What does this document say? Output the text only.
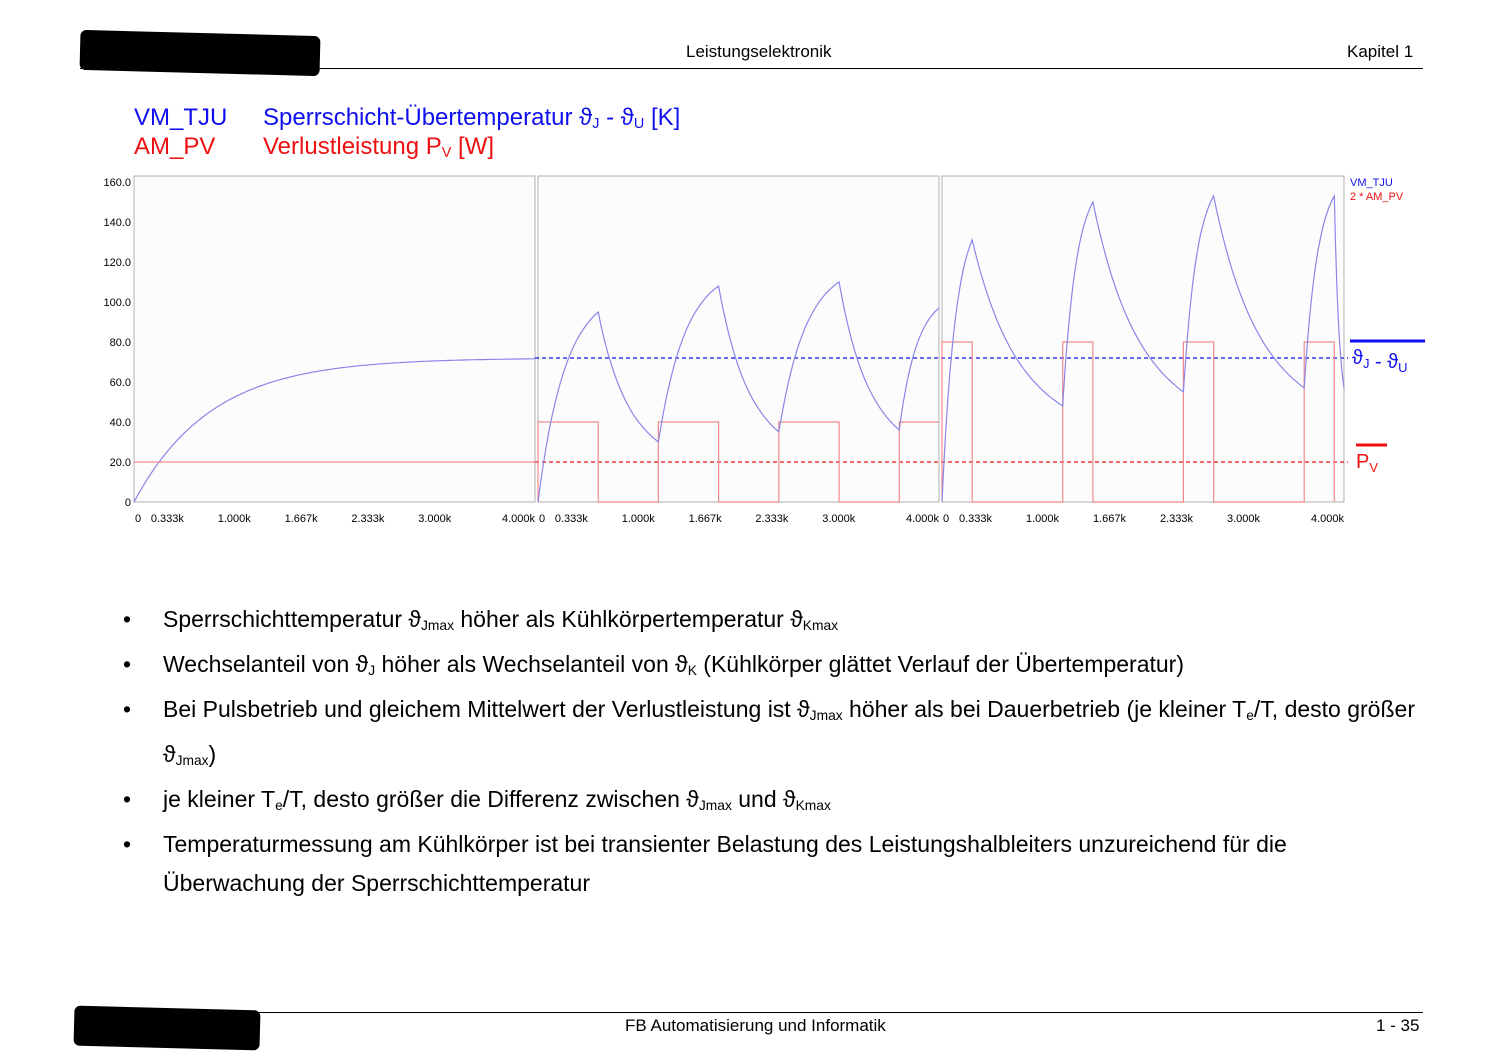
Leistungselektronik	Kapitel 1
VM_TJU Sperrschicht-Übertemperatur $ϑ_J - ϑ_U$ [K]
AM_PV Verlustleistung $P_V$ [W]
160.0
140.0
120.0
100.0
80.0
60.0
40.0
20.0
0
0 0.333k	1.000k	1.667k	2.333k	3.000k	4.000k 0 0.333k	1.000k	1.667k	2.333k	3.000k	4.000k 0 0.333k	1.000k	1.667k	2.333k	3.000k	4.000k
VM_TJU
2 * AM_PV
$ϑ_J - ϑ_U$
$P_V$
• Sperrschichttemperatur $ϑ_{Jmax}$ höher als Kühlkörpertemperatur $ϑ_{Kmax}$
• Wechselanteil von $ϑ_J$ höher als Wechselanteil von $ϑ_K$ (Kühlkörper glättet Verlauf der Übertemperatur)
• Bei Pulsbetrieb und gleichem Mittelwert der Verlustleistung ist $ϑ_{Jmax}$ höher als bei Dauerbetrieb (je kleiner $T_e/T$, desto größer $ϑ_{Jmax}$)
• je kleiner $T_e/T$, desto größer die Differenz zwischen $ϑ_{Jmax}$ und $ϑ_{Kmax}$
• Temperaturmessung am Kühlkörper ist bei transienter Belastung des Leistungshalbleiters unzureichend für die Überwachung der Sperrschichttemperatur
FB Automatisierung und Informatik	1 - 35
